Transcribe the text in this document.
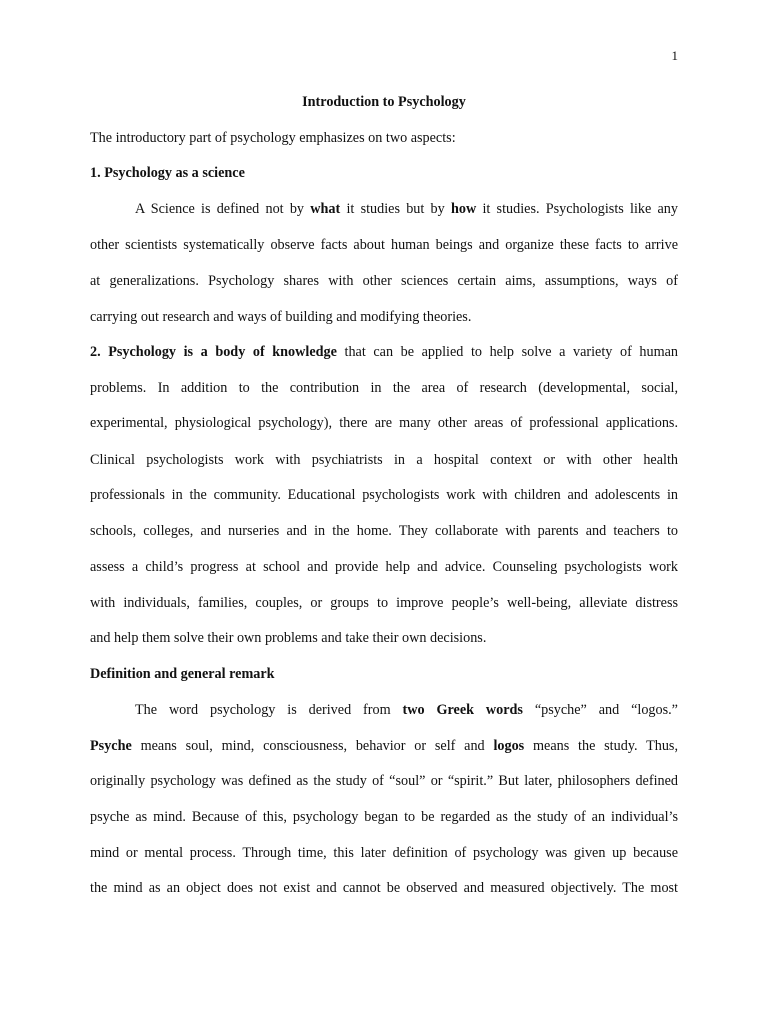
1
Introduction to Psychology
The introductory part of psychology emphasizes on two aspects:
1. Psychology as a science
A Science is defined not by what it studies but by how it studies. Psychologists like any
other scientists systematically observe facts about human beings and organize these facts to arrive
at generalizations. Psychology shares with other sciences certain aims, assumptions, ways of
carrying out research and ways of building and modifying theories.
2. Psychology is a body of knowledge that can be applied to help solve a variety of human
problems. In addition to the contribution in the area of research (developmental, social,
experimental, physiological psychology), there are many other areas of professional applications.
Clinical psychologists work with psychiatrists in a hospital context or with other health
professionals in the community. Educational psychologists work with children and adolescents in
schools, colleges, and nurseries and in the home. They collaborate with parents and teachers to
assess a child’s progress at school and provide help and advice. Counseling psychologists work
with individuals, families, couples, or groups to improve people’s well-being, alleviate distress
and help them solve their own problems and take their own decisions.
Definition and general remark
The word psychology is derived from two Greek words “psyche” and “logos.”
Psyche means soul, mind, consciousness, behavior or self and logos means the study. Thus,
originally psychology was defined as the study of “soul” or “spirit.” But later, philosophers defined
psyche as mind. Because of this, psychology began to be regarded as the study of an individual’s
mind or mental process. Through time, this later definition of psychology was given up because
the mind as an object does not exist and cannot be observed and measured objectively. The most
